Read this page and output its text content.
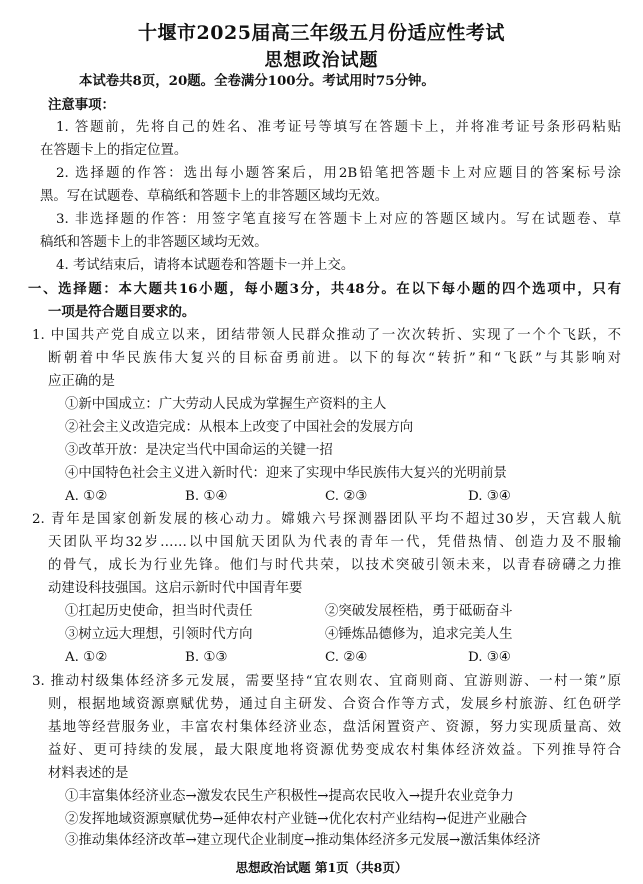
十堰市2025届高三年级五月份适应性考试
思想政治试题
本试卷共8页，20题。全卷满分100分。考试用时75分钟。
注意事项：
1. 答题前，先将自己的姓名、准考证号等填写在答题卡上，并将准考证号条形码粘贴
在答题卡上的指定位置。
2. 选择题的作答：选出每小题答案后，用2B铅笔把答题卡上对应题目的答案标号涂
黑。写在试题卷、草稿纸和答题卡上的非答题区域均无效。
3. 非选择题的作答：用签字笔直接写在答题卡上对应的答题区域内。写在试题卷、草
稿纸和答题卡上的非答题区域均无效。
4. 考试结束后，请将本试题卷和答题卡一并上交。
一、选择题：本大题共16小题，每小题3分，共48分。在以下每小题的四个选项中，只有
一项是符合题目要求的。
1. 中国共产党自成立以来，团结带领人民群众推动了一次次转折、实现了一个个飞跃，不
断朝着中华民族伟大复兴的目标奋勇前进。以下的每次“转折”和“飞跃”与其影响对
应正确的是
①新中国成立：广大劳动人民成为掌握生产资料的主人
②社会主义改造完成：从根本上改变了中国社会的发展方向
③改革开放：是决定当代中国命运的关键一招
④中国特色社会主义进入新时代：迎来了实现中华民族伟大复兴的光明前景
A. ①②	B. ①④	C. ②③	D. ③④
2. 青年是国家创新发展的核心动力。嫦娥六号探测器团队平均不超过30岁，天宫载人航
天团队平均32岁……以中国航天团队为代表的青年一代，凭借热情、创造力及不服输
的骨气，成长为行业先锋。他们与时代共荣，以技术突破引领未来，以青春磅礴之力推
动建设科技强国。这启示新时代中国青年要
①扛起历史使命，担当时代责任	②突破发展桎梏，勇于砥砺奋斗
③树立远大理想，引领时代方向	④锤炼品德修为，追求完美人生
A. ①②	B. ①③	C. ②④	D. ③④
3. 推动村级集体经济多元发展，需要坚持“宜农则农、宜商则商、宜游则游、一村一策”原
则，根据地域资源禀赋优势，通过自主研发、合资合作等方式，发展乡村旅游、红色研学
基地等经营服务业，丰富农村集体经济业态，盘活闲置资产、资源，努力实现质量高、效
益好、更可持续的发展，最大限度地将资源优势变成农村集体经济效益。下列推导符合
材料表述的是
①丰富集体经济业态→激发农民生产积极性→提高农民收入→提升农业竞争力
②发挥地域资源禀赋优势→延伸农村产业链→优化农村产业结构→促进产业融合
③推动集体经济改革→建立现代企业制度→推动集体经济多元发展→激活集体经济
思想政治试题 第1页（共8页）
